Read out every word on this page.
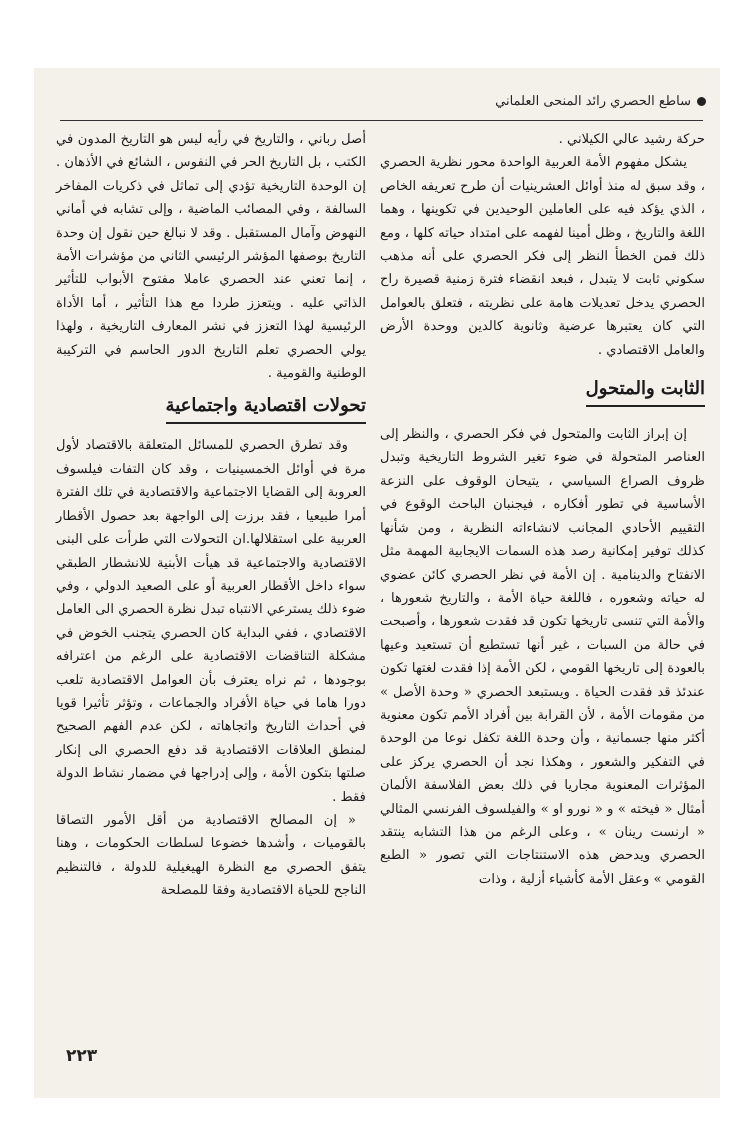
ساطع الحصري رائد المنحى العلماني

حركة رشيد عالي الكيلاني .

يشكل مفهوم الأمة العربية الواحدة محور نظرية الحصري ، وقد سبق له منذ أوائل العشرينيات أن طرح تعريفه الخاص ، الذي يؤكد فيه على العاملين الوحيدين في تكوينها ، وهما اللغة والتاريخ ، وظل أمينا لفهمه على امتداد حياته كلها ، ومع ذلك فمن الخطأ النظر إلى فكر الحصري على أنه مذهب سكوني ثابت لا يتبدل ، فبعد انقضاء فترة زمنية قصيرة راح الحصري يدخل تعديلات هامة على نظريته ، فتعلق بالعوامل التي كان يعتبرها عرضية وثانوية كالدين ووحدة الأرض والعامل الاقتصادي .

الثابت والمتحول

إن إبراز الثابت والمتحول في فكر الحصري ، والنظر إلى العناصر المتحولة في ضوء تغير الشروط التاريخية وتبدل ظروف الصراع السياسي ، يتيحان الوقوف على النزعة الأساسية في تطور أفكاره ، فيجنبان الباحث الوقوع في التقييم الأحادي المجانب لانشاءاته النظرية ، ومن شأنها كذلك توفير إمكانية رصد هذه السمات الايجابية المهمة مثل الانفتاح والدينامية . إن الأمة في نظر الحصري كائن عضوي له حياته وشعوره ، فاللغة حياة الأمة ، والتاريخ شعورها ، والأمة التي تنسى تاريخها تكون قد فقدت شعورها ، وأصبحت في حالة من السبات ، غير أنها تستطيع أن تستعيد وعيها بالعودة إلى تاريخها القومي ، لكن الأمة إذا فقدت لغتها تكون عندئذ قد فقدت الحياة . ويستبعد الحصري « وحدة الأصل » من مقومات الأمة ، لأن القرابة بين أفراد الأمم تكون معنوية أكثر منها جسمانية ، وأن وحدة اللغة تكفل نوعا من الوحدة في التفكير والشعور ، وهكذا نجد أن الحصري يركز على المؤثرات المعنوية مجاريا في ذلك بعض الفلاسفة الألمان أمثال « فيخته » و « نورو او » والفيلسوف الفرنسي المثالي « ارنست رينان » ، وعلى الرغم من هذا التشابه ينتقد الحصري ويدحض هذه الاستنتاجات التي تصور « الطبع القومي » وعقل الأمة كأشياء أزلية ، وذات

أصل رباني ، والتاريخ في رأيه ليس هو التاريخ المدون في الكتب ، بل التاريخ الحر في النفوس ، الشائع في الأذهان . إن الوحدة التاريخية تؤدي إلى تماثل في ذكريات المفاخر السالفة ، وفي المصائب الماضية ، وإلى تشابه في أماني النهوض وآمال المستقبل . وقد لا نبالغ حين نقول إن وحدة التاريخ بوصفها المؤشر الرئيسي الثاني من مؤشرات الأمة ، إنما تعني عند الحصري عاملا مفتوح الأبواب للتأثير الذاتي عليه . ويتعزز طردا مع هذا التأثير ، أما الأداة الرئيسية لهذا التعزز في نشر المعارف التاريخية ، ولهذا يولي الحصري تعلم التاريخ الدور الحاسم في التركيبة الوطنية والقومية .

تحولات اقتصادية واجتماعية

وقد تطرق الحصري للمسائل المتعلقة بالاقتصاد لأول مرة في أوائل الخمسينيات ، وقد كان التفات فيلسوف العروبة إلى القضايا الاجتماعية والاقتصادية في تلك الفترة أمرا طبيعيا ، فقد برزت إلى الواجهة بعد حصول الأقطار العربية على استقلالها.ان التحولات التي طرأت على البنى الاقتصادية والاجتماعية قد هيأت الأبنية للانشطار الطبقي سواء داخل الأقطار العربية أو على الصعيد الدولي ، وفي ضوء ذلك يسترعي الانتباه تبدل نظرة الحصري الى العامل الاقتصادي ، ففي البداية كان الحصري يتجنب الخوض في مشكلة التناقضات الاقتصادية على الرغم من اعترافه بوجودها ، ثم نراه يعترف بأن العوامل الاقتصادية تلعب دورا هاما في حياة الأفراد والجماعات ، وتؤثر تأثيرا قويا في أحداث التاريخ واتجاهاته ، لكن عدم الفهم الصحيح لمنطق العلاقات الاقتصادية قد دفع الحصري الى إنكار صلتها بتكون الأمة ، وإلى إدراجها في مضمار نشاط الدولة فقط .

« إن المصالح الاقتصادية من أقل الأمور التصاقا بالقوميات ، وأشدها خضوعا لسلطات الحكومات ، وهنا يتفق الحصري مع النظرة الهيغيلية للدولة ، فالتنظيم الناجح للحياة الاقتصادية وفقا للمصلحة

٢٢٣
